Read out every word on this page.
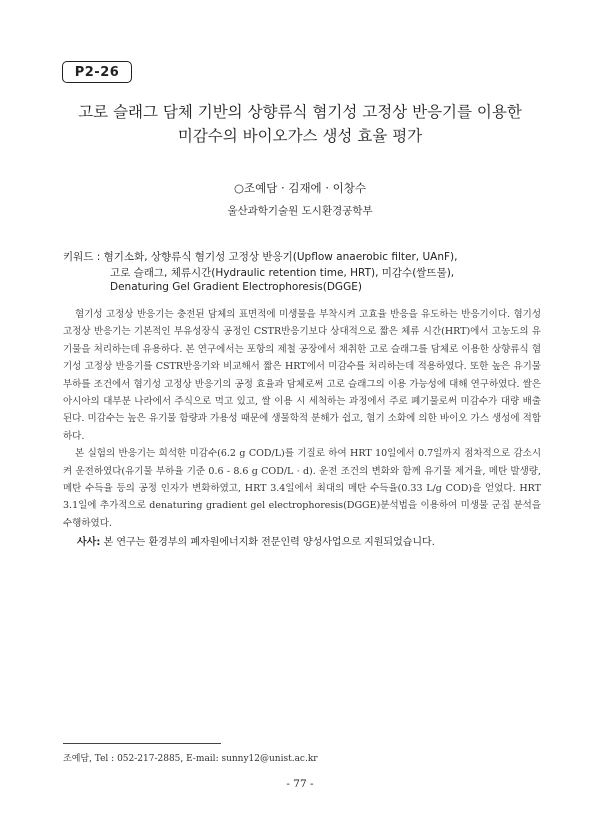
P2-26
고로 슬래그 담체 기반의 상향류식 혐기성 고정상 반응기를 이용한
미감수의 바이오가스 생성 효율 평가
○조예담 · 김재에 · 이창수
울산과학기술원 도시환경공학부
키워드 : 혐기소화, 상향류식 혐기성 고정상 반응기(Upflow anaerobic filter, UAnF),
고로 슬래그, 체류시간(Hydraulic retention time, HRT), 미감수(쌀뜨물),
Denaturing Gel Gradient Electrophoresis(DGGE)

혐기성 고정상 반응기는 충전된 담체의 표면적에 미생물을 부착시켜 고효율 반응을 유도하는 반응기이다. 혐기성 고정상 반응기는 기본적인 부유성장식 공정인 CSTR반응기보다 상대적으로 짧은 체류 시간(HRT)에서 고농도의 유기물을 처리하는데 유용하다. 본 연구에서는 포항의 제철 공장에서 채취한 고로 슬래그를 담체로 이용한 상향류식 혐기성 고정상 반응기를 CSTR반응기와 비교해서 짧은 HRT에서 미감수를 처리하는데 적용하였다. 또한 높은 유기물 부하를 조건에서 혐기성 고정상 반응기의 공정 효율과 담체로써 고로 슬래그의 이용 가능성에 대해 연구하였다. 쌀은 아시아의 대부분 나라에서 주식으로 먹고 있고, 쌀 이용 시 세척하는 과정에서 주로 폐기물로써 미감수가 대량 배출된다. 미감수는 높은 유기물 함량과 가용성 때문에 생물학적 분해가 쉽고, 혐기 소화에 의한 바이오 가스 생성에 적합하다.

본 실험의 반응기는 희석한 미감수(6.2 g COD/L)를 기질로 하여 HRT 10일에서 0.7일까지 점차적으로 감소시켜 운전하였다(유기물 부하율 기준 0.6 - 8.6 g COD/L · d). 운전 조건의 변화와 함께 유기물 제거율, 메탄 발생량, 메탄 수득율 등의 공정 인자가 변화하였고, HRT 3.4일에서 최대의 메탄 수득율(0.33 L/g COD)을 얻었다. HRT 3.1일에 추가적으로 denaturing gradient gel electrophoresis(DGGE)분석법을 이용하여 미생물 군집 분석을 수행하였다.

사사: 본 연구는 환경부의 폐자원에너지화 전문인력 양성사업으로 지원되었습니다.
조예담, Tel : 052-217-2885, E-mail: sunny12@unist.ac.kr
- 77 -
